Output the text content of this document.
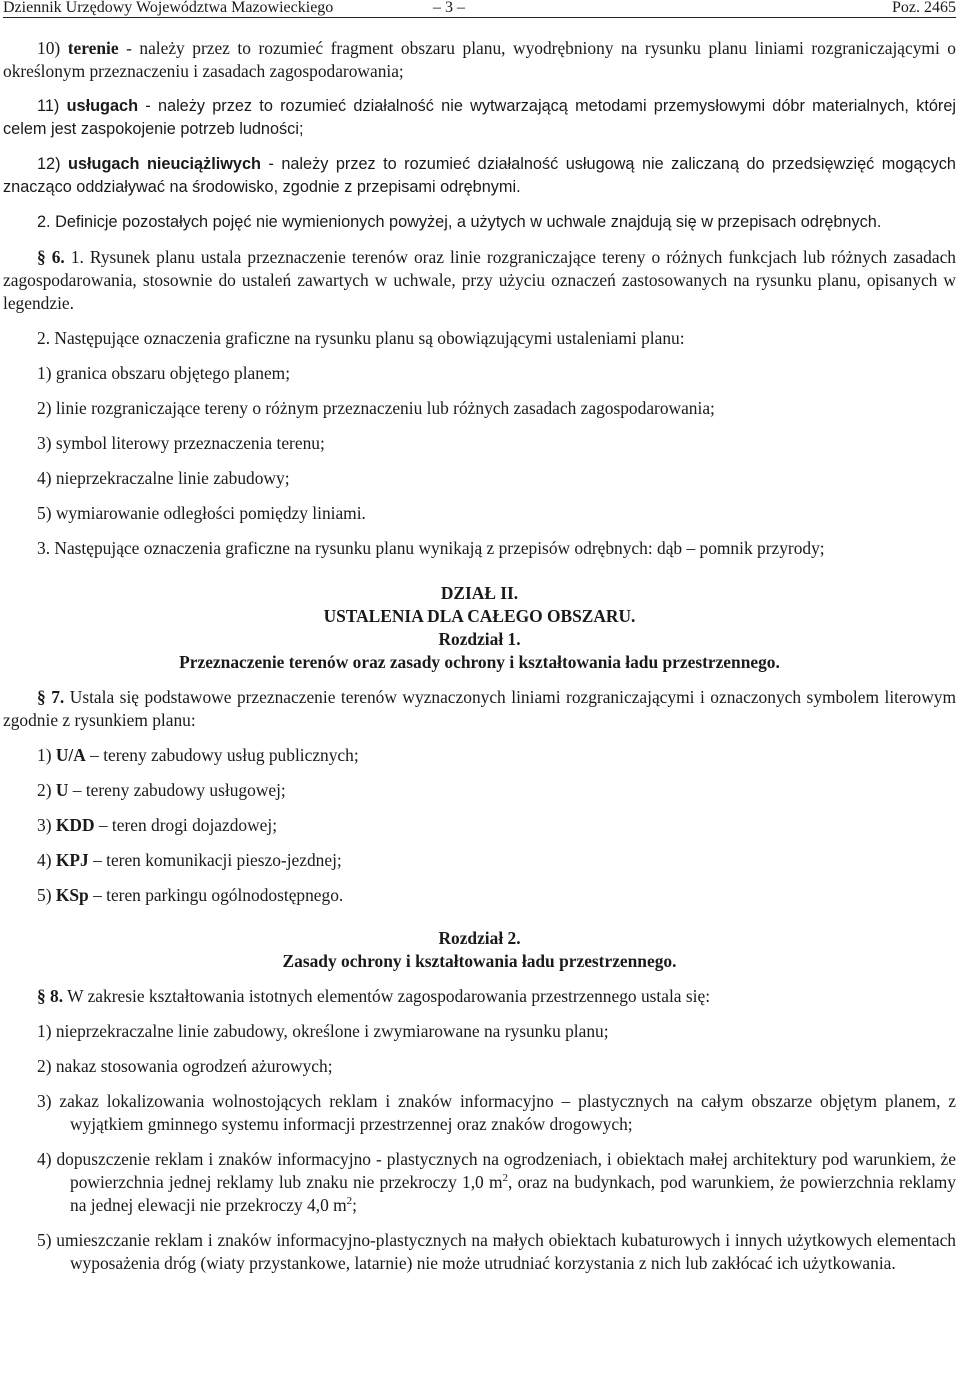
Dziennik Urzędowy Województwa Mazowieckiego	– 3 –	Poz. 2465

10) terenie - należy przez to rozumieć fragment obszaru planu, wyodrębniony na rysunku planu liniami rozgraniczającymi o określonym przeznaczeniu i zasadach zagospodarowania;

11) usługach - należy przez to rozumieć działalność nie wytwarzającą metodami przemysłowymi dóbr materialnych, której celem jest zaspokojenie potrzeb ludności;

12) usługach nieuciążliwych - należy przez to rozumieć działalność usługową nie zaliczaną do przedsięwzięć mogących znacząco oddziaływać na środowisko, zgodnie z przepisami odrębnymi.

2. Definicje pozostałych pojęć nie wymienionych powyżej, a użytych w uchwale znajdują się w przepisach odrębnych.

§ 6. 1. Rysunek planu ustala przeznaczenie terenów oraz linie rozgraniczające tereny o różnych funkcjach lub różnych zasadach zagospodarowania, stosownie do ustaleń zawartych w uchwale, przy użyciu oznaczeń zastosowanych na rysunku planu, opisanych w legendzie.

2. Następujące oznaczenia graficzne na rysunku planu są obowiązującymi ustaleniami planu:

1) granica obszaru objętego planem;

2) linie rozgraniczające tereny o różnym przeznaczeniu lub różnych zasadach zagospodarowania;

3) symbol literowy przeznaczenia terenu;

4) nieprzekraczalne linie zabudowy;

5) wymiarowanie odległości pomiędzy liniami.

3. Następujące oznaczenia graficzne na rysunku planu wynikają z przepisów odrębnych: dąb – pomnik przyrody;

DZIAŁ II.
USTALENIA DLA CAŁEGO OBSZARU.
Rozdział 1.
Przeznaczenie terenów oraz zasady ochrony i kształtowania ładu przestrzennego.

§ 7. Ustala się podstawowe przeznaczenie terenów wyznaczonych liniami rozgraniczającymi i oznaczonych symbolem literowym zgodnie z rysunkiem planu:

1) U/A – tereny zabudowy usług publicznych;

2) U – tereny zabudowy usługowej;

3) KDD – teren drogi dojazdowej;

4) KPJ – teren komunikacji pieszo-jezdnej;

5) KSp – teren parkingu ogólnodostępnego.

Rozdział 2.
Zasady ochrony i kształtowania ładu przestrzennego.

§ 8. W zakresie kształtowania istotnych elementów zagospodarowania przestrzennego ustala się:

1) nieprzekraczalne linie zabudowy, określone i zwymiarowane na rysunku planu;

2) nakaz stosowania ogrodzeń ażurowych;

3) zakaz lokalizowania wolnostojących reklam i znaków informacyjno – plastycznych na całym obszarze objętym planem, z wyjątkiem gminnego systemu informacji przestrzennej oraz znaków drogowych;

4) dopuszczenie reklam i znaków informacyjno - plastycznych na ogrodzeniach, i obiektach małej architektury pod warunkiem, że powierzchnia jednej reklamy lub znaku nie przekroczy 1,0 $m^2$, oraz na budynkach, pod warunkiem, że powierzchnia reklamy na jednej elewacji nie przekroczy 4,0 $m^2$;

5) umieszczanie reklam i znaków informacyjno-plastycznych na małych obiektach kubaturowych i innych użytkowych elementach wyposażenia dróg (wiaty przystankowe, latarnie) nie może utrudniać korzystania z nich lub zakłócać ich użytkowania.
